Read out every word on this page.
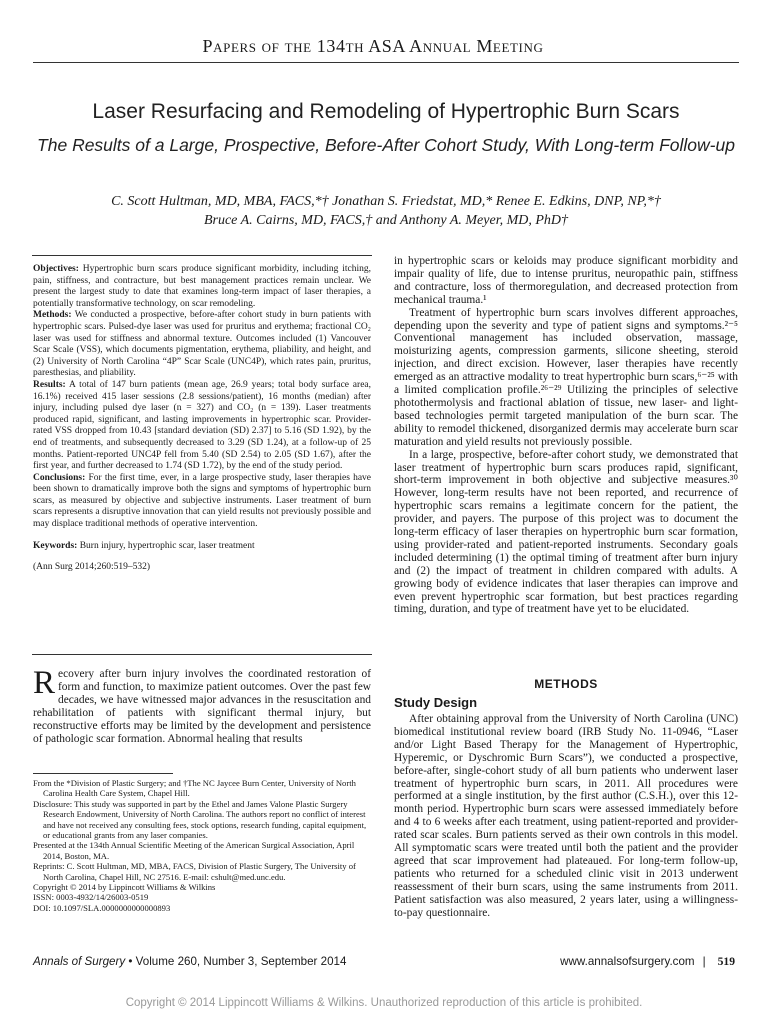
Papers of the 134th ASA Annual Meeting
Laser Resurfacing and Remodeling of Hypertrophic Burn Scars
The Results of a Large, Prospective, Before-After Cohort Study, With Long-term Follow-up
C. Scott Hultman, MD, MBA, FACS,*† Jonathan S. Friedstat, MD,* Renee E. Edkins, DNP, NP,*†
Bruce A. Cairns, MD, FACS,† and Anthony A. Meyer, MD, PhD†

Objectives: Hypertrophic burn scars produce significant morbidity, including itching, pain, stiffness, and contracture, but best management practices remain unclear. We present the largest study to date that examines long-term impact of laser therapies, a potentially transformative technology, on scar remodeling.

Methods: We conducted a prospective, before-after cohort study in burn patients with hypertrophic scars. Pulsed-dye laser was used for pruritus and erythema; fractional CO₂ laser was used for stiffness and abnormal texture. Outcomes included (1) Vancouver Scar Scale (VSS), which documents pigmentation, erythema, pliability, and height, and (2) University of North Carolina “4P” Scar Scale (UNC4P), which rates pain, pruritus, paresthesias, and pliability.

Results: A total of 147 burn patients (mean age, 26.9 years; total body surface area, 16.1%) received 415 laser sessions (2.8 sessions/patient), 16 months (median) after injury, including pulsed dye laser (n = 327) and CO₂ (n = 139). Laser treatments produced rapid, significant, and lasting improvements in hypertrophic scar. Provider-rated VSS dropped from 10.43 [standard deviation (SD) 2.37] to 5.16 (SD 1.92), by the end of treatments, and subsequently decreased to 3.29 (SD 1.24), at a follow-up of 25 months. Patient-reported UNC4P fell from 5.40 (SD 2.54) to 2.05 (SD 1.67), after the first year, and further decreased to 1.74 (SD 1.72), by the end of the study period.

Conclusions: For the first time, ever, in a large prospective study, laser therapies have been shown to dramatically improve both the signs and symptoms of hypertrophic burn scars, as measured by objective and subjective instruments. Laser treatment of burn scars represents a disruptive innovation that can yield results not previously possible and may displace traditional methods of operative intervention.

Keywords: Burn injury, hypertrophic scar, laser treatment

(Ann Surg 2014;260:519–532)

Recovery after burn injury involves the coordinated restoration of form and function, to maximize patient outcomes. Over the past few decades, we have witnessed major advances in the resuscitation and rehabilitation of patients with significant thermal injury, but reconstructive efforts may be limited by the development and persistence of pathologic scar formation. Abnormal healing that results
From the *Division of Plastic Surgery; and †The NC Jaycee Burn Center, University of North Carolina Health Care System, Chapel Hill.
Disclosure: This study was supported in part by the Ethel and James Valone Plastic Surgery Research Endowment, University of North Carolina. The authors report no conflict of interest and have not received any consulting fees, stock options, research funding, capital equipment, or educational grants from any laser companies.
Presented at the 134th Annual Scientific Meeting of the American Surgical Association, April 2014, Boston, MA.
Reprints: C. Scott Hultman, MD, MBA, FACS, Division of Plastic Surgery, The University of North Carolina, Chapel Hill, NC 27516. E-mail: cshult@med.unc.edu.
Copyright © 2014 by Lippincott Williams & Wilkins
ISSN: 0003-4932/14/26003-0519
DOI: 10.1097/SLA.0000000000000893

in hypertrophic scars or keloids may produce significant morbidity and impair quality of life, due to intense pruritus, neuropathic pain, stiffness and contracture, loss of thermoregulation, and decreased protection from mechanical trauma.¹

Treatment of hypertrophic burn scars involves different approaches, depending upon the severity and type of patient signs and symptoms.²⁻⁵ Conventional management has included observation, massage, moisturizing agents, compression garments, silicone sheeting, steroid injection, and direct excision. However, laser therapies have recently emerged as an attractive modality to treat hypertrophic burn scars,⁶⁻²⁵ with a limited complication profile.²⁶⁻²⁹ Utilizing the principles of selective photothermolysis and fractional ablation of tissue, new laser- and light-based technologies permit targeted manipulation of the burn scar. The ability to remodel thickened, disorganized dermis may accelerate burn scar maturation and yield results not previously possible.

In a large, prospective, before-after cohort study, we demonstrated that laser treatment of hypertrophic burn scars produces rapid, significant, short-term improvement in both objective and subjective measures.³⁰ However, long-term results have not been reported, and recurrence of hypertrophic scars remains a legitimate concern for the patient, the provider, and payers. The purpose of this project was to document the long-term efficacy of laser therapies on hypertrophic burn scar formation, using provider-rated and patient-reported instruments. Secondary goals included determining (1) the optimal timing of treatment after burn injury and (2) the impact of treatment in children compared with adults. A growing body of evidence indicates that laser therapies can improve and even prevent hypertrophic scar formation, but best practices regarding timing, duration, and type of treatment have yet to be elucidated.

METHODS
Study Design

After obtaining approval from the University of North Carolina (UNC) biomedical institutional review board (IRB Study No. 11-0946, “Laser and/or Light Based Therapy for the Management of Hypertrophic, Hyperemic, or Dyschromic Burn Scars”), we conducted a prospective, before-after, single-cohort study of all burn patients who underwent laser treatment of hypertrophic burn scars, in 2011. All procedures were performed at a single institution, by the first author (C.S.H.), over this 12-month period. Hypertrophic burn scars were assessed immediately before and 4 to 6 weeks after each treatment, using patient-reported and provider-rated scar scales. Burn patients served as their own controls in this model. All symptomatic scars were treated until both the patient and the provider agreed that scar improvement had plateaued. For long-term follow-up, patients who returned for a scheduled clinic visit in 2013 underwent reassessment of their burn scars, using the same instruments from 2011. Patient satisfaction was also measured, 2 years later, using a willingness-to-pay questionnaire.

Annals of Surgery • Volume 260, Number 3, September 2014	www.annalsofsurgery.com | 519
Copyright © 2014 Lippincott Williams & Wilkins. Unauthorized reproduction of this article is prohibited.
